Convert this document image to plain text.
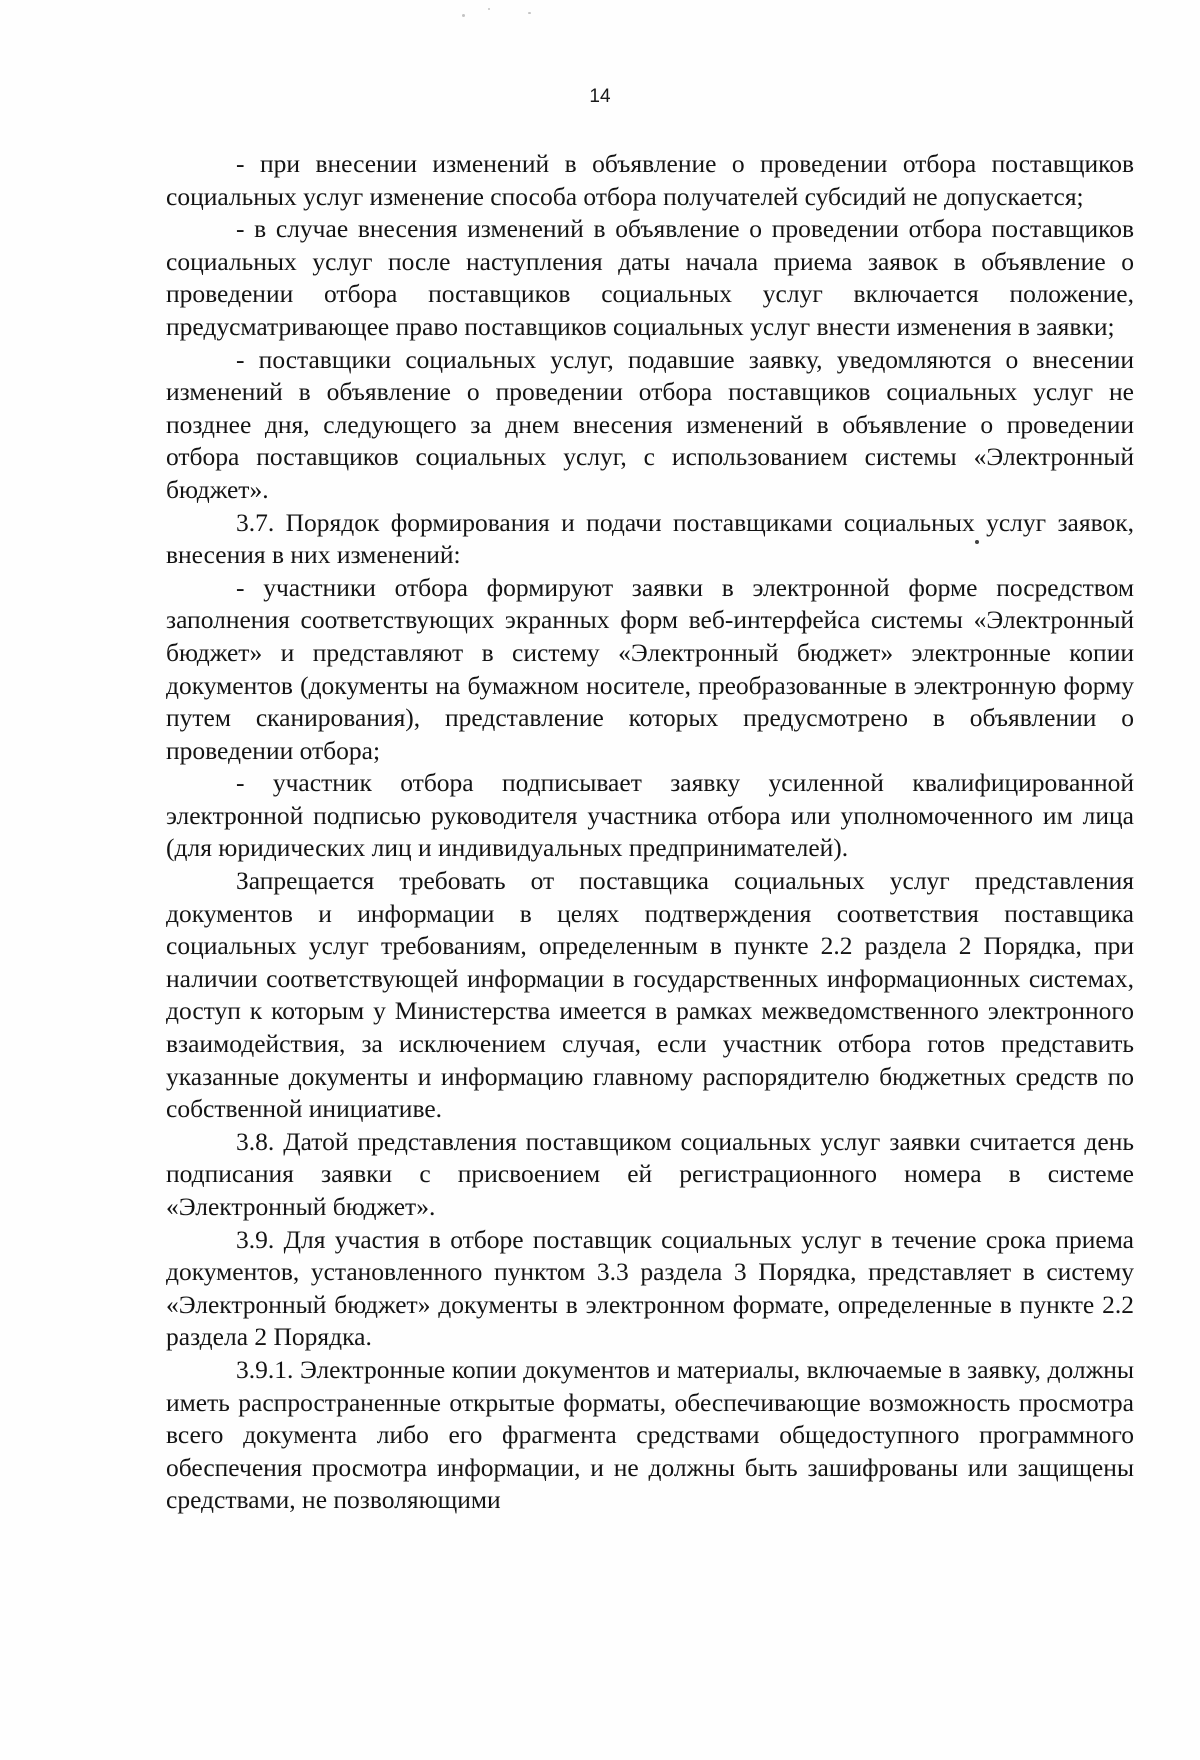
14

- при внесении изменений в объявление о проведении отбора поставщиков социальных услуг изменение способа отбора получателей субсидий не допускается;

- в случае внесения изменений в объявление о проведении отбора поставщиков социальных услуг после наступления даты начала приема заявок в объявление о проведении отбора поставщиков социальных услуг включается положение, предусматривающее право поставщиков социальных услуг внести изменения в заявки;

- поставщики социальных услуг, подавшие заявку, уведомляются о внесении изменений в объявление о проведении отбора поставщиков социальных услуг не позднее дня, следующего за днем внесения изменений в объявление о проведении отбора поставщиков социальных услуг, с использованием системы «Электронный бюджет».

3.7. Порядок формирования и подачи поставщиками социальных услуг заявок, внесения в них изменений:

- участники отбора формируют заявки в электронной форме посредством заполнения соответствующих экранных форм веб-интерфейса системы «Электронный бюджет» и представляют в систему «Электронный бюджет» электронные копии документов (документы на бумажном носителе, преобразованные в электронную форму путем сканирования), представление которых предусмотрено в объявлении о проведении отбора;

- участник отбора подписывает заявку усиленной квалифицированной электронной подписью руководителя участника отбора или уполномоченного им лица (для юридических лиц и индивидуальных предпринимателей).

Запрещается требовать от поставщика социальных услуг представления документов и информации в целях подтверждения соответствия поставщика социальных услуг требованиям, определенным в пункте 2.2 раздела 2 Порядка, при наличии соответствующей информации в государственных информационных системах, доступ к которым у Министерства имеется в рамках межведомственного электронного взаимодействия, за исключением случая, если участник отбора готов представить указанные документы и информацию главному распорядителю бюджетных средств по собственной инициативе.

3.8. Датой представления поставщиком социальных услуг заявки считается день подписания заявки с присвоением ей регистрационного номера в системе «Электронный бюджет».

3.9. Для участия в отборе поставщик социальных услуг в течение срока приема документов, установленного пунктом 3.3 раздела 3 Порядка, представляет в систему «Электронный бюджет» документы в электронном формате, определенные в пункте 2.2 раздела 2 Порядка.

3.9.1. Электронные копии документов и материалы, включаемые в заявку, должны иметь распространенные открытые форматы, обеспечивающие возможность просмотра всего документа либо его фрагмента средствами общедоступного программного обеспечения просмотра информации, и не должны быть зашифрованы или защищены средствами, не позволяющими
